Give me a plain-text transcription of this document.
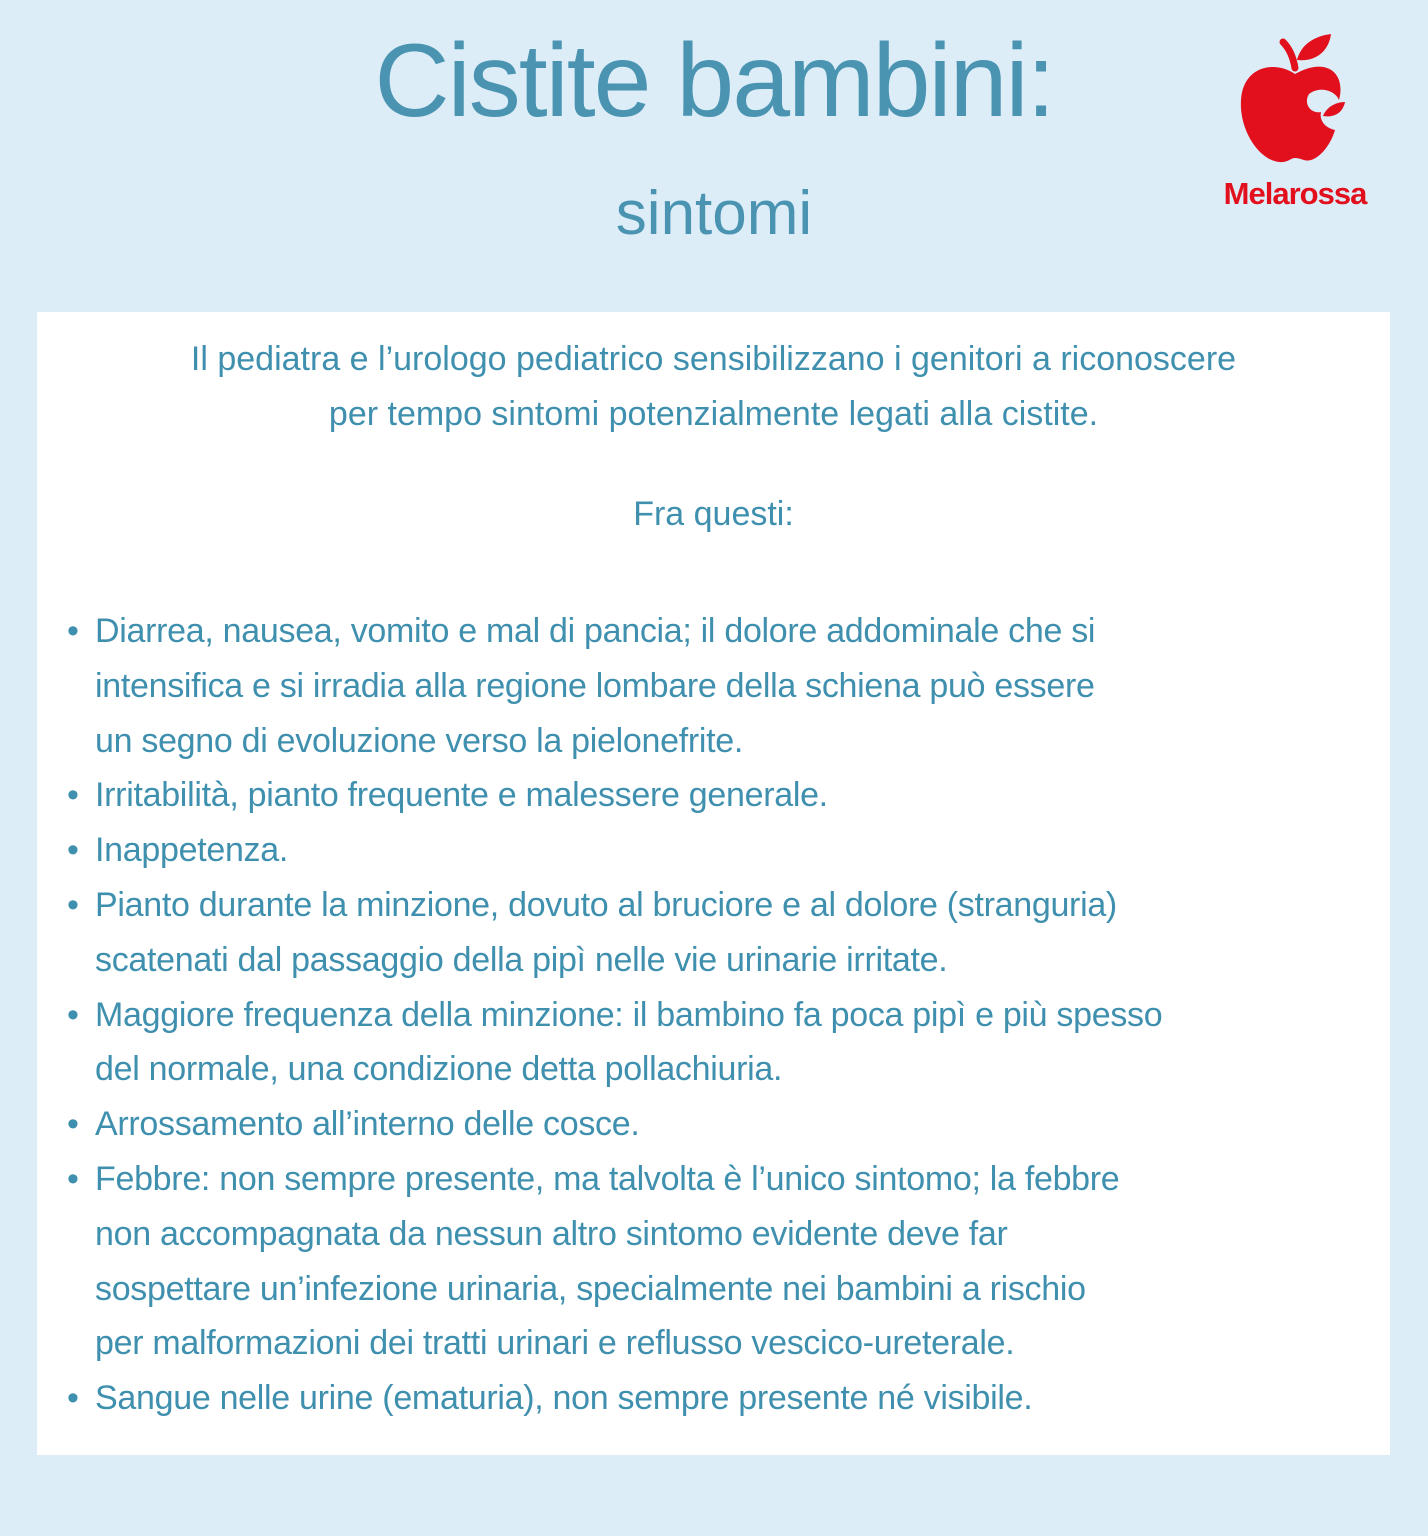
Cistite bambini:
sintomi	Melarossa
Il pediatra e l’urologo pediatrico sensibilizzano i genitori a riconoscere
per tempo sintomi potenzialmente legati alla cistite.
Fra questi:
• Diarrea, nausea, vomito e mal di pancia; il dolore addominale che si
intensifica e si irradia alla regione lombare della schiena può essere
un segno di evoluzione verso la pielonefrite.
• Irritabilità, pianto frequente e malessere generale.
• Inappetenza.
• Pianto durante la minzione, dovuto al bruciore e al dolore (stranguria)
scatenati dal passaggio della pipì nelle vie urinarie irritate.
• Maggiore frequenza della minzione: il bambino fa poca pipì e più spesso
del normale, una condizione detta pollachiuria.
• Arrossamento all’interno delle cosce.
• Febbre: non sempre presente, ma talvolta è l’unico sintomo; la febbre
non accompagnata da nessun altro sintomo evidente deve far
sospettare un’infezione urinaria, specialmente nei bambini a rischio
per malformazioni dei tratti urinari e reflusso vescico-ureterale.
• Sangue nelle urine (ematuria), non sempre presente né visibile.
